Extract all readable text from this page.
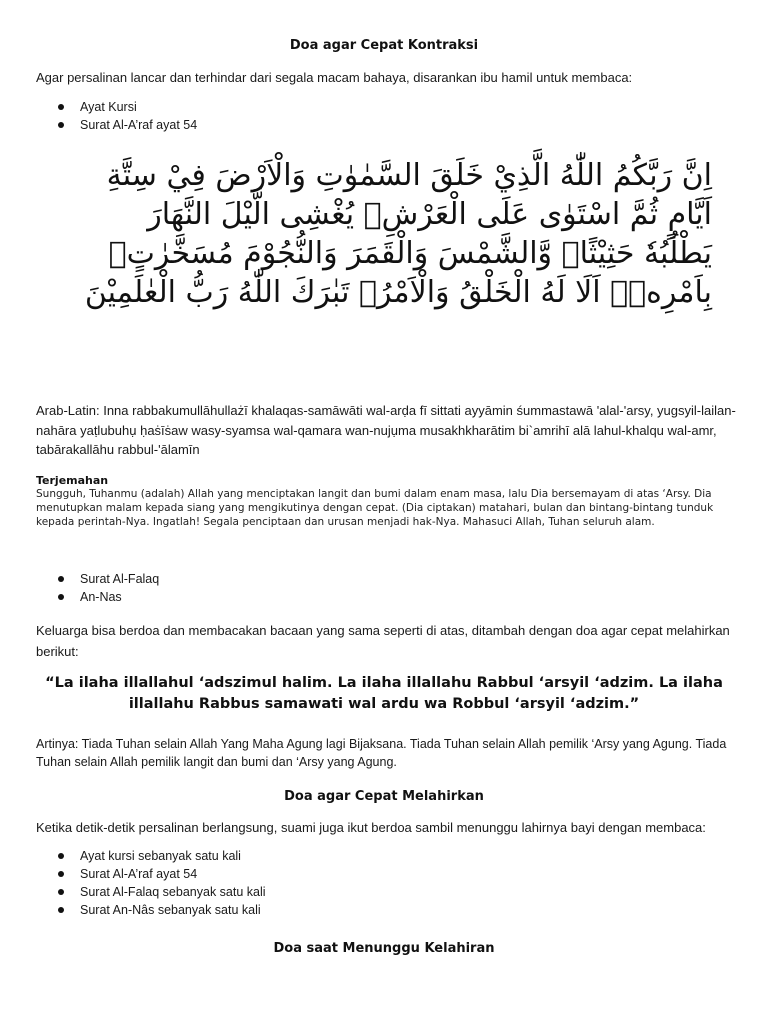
Doa agar Cepat Kontraksi
Agar persalinan lancar dan terhindar dari segala macam bahaya, disarankan ibu hamil untuk membaca:
Ayat Kursi
Surat Al-A’raf ayat 54
اِنَّ رَبَّكُمُ اللّٰهُ الَّذِيْ خَلَقَ السَّمٰوٰتِ وَالْاَرْضَ فِيْ سِتَّةِ اَيَّامٍ ثُمَّ اسْتَوٰى عَلَى الْعَرْشِۗ يُغْشِى الَّيْلَ النَّهَارَ يَطْلُبُهٗ حَثِيْثًاۙ وَّالشَّمْسَ وَالْقَمَرَ وَالنُّجُوْمَ مُسَخَّرٰتٍۢ بِاَمْرِهٖۗ اَلَا لَهُ الْخَلْقُ وَالْاَمْرُۗ تَبٰرَكَ اللّٰهُ رَبُّ الْعٰلَمِيْنَ
Arab-Latin: Inna rabbakumullāhullażī khalaqas-samāwāti wal-arḍa fī sittati ayyāmin śummastawā 'alal-'arsy, yugsyil-lailan-nahāra yaṭlubuhụ ḥaṡīṡaw wasy-syamsa wal-qamara wan-nujụma musakhkharātim bi`amrihī alā lahul-khalqu wal-amr, tabārakallāhu rabbul-'ālamīn
Terjemahan
Sungguh, Tuhanmu (adalah) Allah yang menciptakan langit dan bumi dalam enam masa, lalu Dia bersemayam di atas ‘Arsy. Dia menutupkan malam kepada siang yang mengikutinya dengan cepat. (Dia ciptakan) matahari, bulan dan bintang-bintang tunduk kepada perintah-Nya. Ingatlah! Segala penciptaan dan urusan menjadi hak-Nya. Mahasuci Allah, Tuhan seluruh alam.
Surat Al-Falaq
An-Nas
Keluarga bisa berdoa dan membacakan bacaan yang sama seperti di atas, ditambah dengan doa agar cepat melahirkan berikut:
“La ilaha illallahul ‘adszimul halim. La ilaha illallahu Rabbul ‘arsyil ‘adzim. La ilaha illallahu Rabbus samawati wal ardu wa Robbul ‘arsyil ‘adzim.”
Artinya: Tiada Tuhan selain Allah Yang Maha Agung lagi Bijaksana. Tiada Tuhan selain Allah pemilik ‘Arsy yang Agung. Tiada Tuhan selain Allah pemilik langit dan bumi dan ‘Arsy yang Agung.
Doa agar Cepat Melahirkan
Ketika detik-detik persalinan berlangsung, suami juga ikut berdoa sambil menunggu lahirnya bayi dengan membaca:
Ayat kursi sebanyak satu kali
Surat Al-A’raf ayat 54
Surat Al-Falaq sebanyak satu kali
Surat An-Nâs sebanyak satu kali
Doa saat Menunggu Kelahiran
